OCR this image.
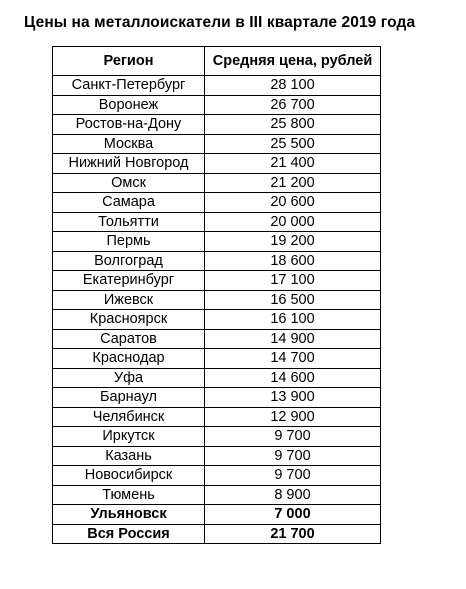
Цены на металлоискатели в III квартале 2019 года
Регион	Средняя цена, рублей
Санкт-Петербург	28 100
Воронеж	26 700
Ростов-на-Дону	25 800
Москва	25 500
Нижний Новгород	21 400
Омск	21 200
Самара	20 600
Тольятти	20 000
Пермь	19 200
Волгоград	18 600
Екатеринбург	17 100
Ижевск	16 500
Красноярск	16 100
Саратов	14 900
Краснодар	14 700
Уфа	14 600
Барнаул	13 900
Челябинск	12 900
Иркутск	9 700
Казань	9 700
Новосибирск	9 700
Тюмень	8 900
Ульяновск	7 000
Вся Россия	21 700
